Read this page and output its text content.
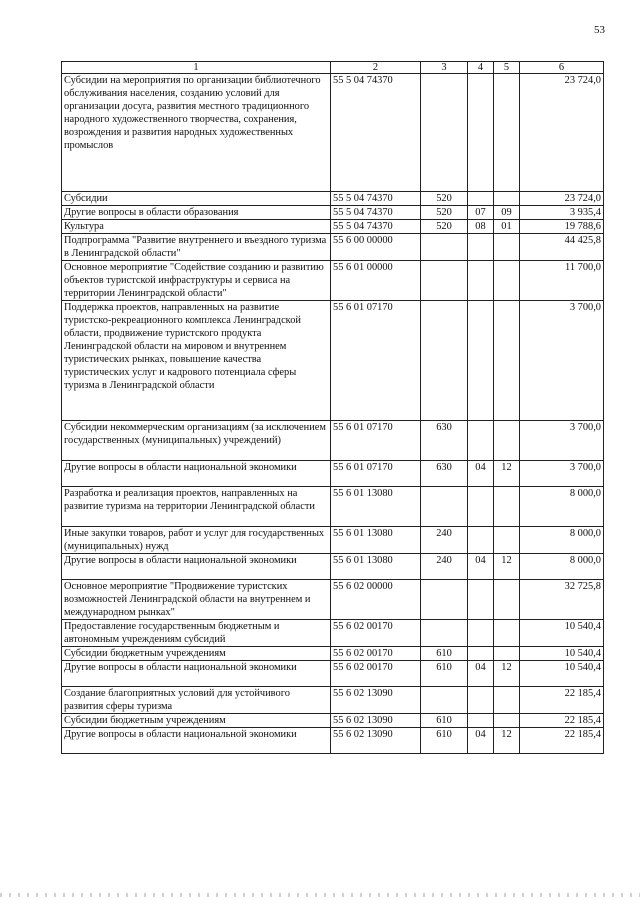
53
1	2	3	4	5	6
Субсидии на мероприятия по организации библиотечного обслуживания населения, созданию условий для организации досуга, развития местного традиционного народного художественного творчества, сохранения, возрождения и развития народных художественных промыслов	55 5 04 74370				23 724,0
Субсидии	55 5 04 74370	520			23 724,0
Другие вопросы в области образования	55 5 04 74370	520	07	09	3 935,4
Культура	55 5 04 74370	520	08	01	19 788,6
Подпрограмма "Развитие внутреннего и въездного туризма в Ленинградской области"	55 6 00 00000				44 425,8
Основное мероприятие "Содействие созданию и развитию объектов туристской инфраструктуры и сервиса на территории Ленинградской области"	55 6 01 00000				11 700,0
Поддержка проектов, направленных на развитие туристско-рекреационного комплекса Ленинградской области, продвижение туристского продукта Ленинградской области на мировом и внутреннем туристических рынках, повышение качества туристических услуг и кадрового потенциала сферы туризма в Ленинградской области	55 6 01 07170				3 700,0
Субсидии некоммерческим организациям (за исключением государственных (муниципальных) учреждений)	55 6 01 07170	630			3 700,0
Другие вопросы в области национальной экономики	55 6 01 07170	630	04	12	3 700,0
Разработка и реализация проектов, направленных на развитие туризма на территории Ленинградской области	55 6 01 13080				8 000,0
Иные закупки товаров, работ и услуг для государственных (муниципальных) нужд	55 6 01 13080	240			8 000,0
Другие вопросы в области национальной экономики	55 6 01 13080	240	04	12	8 000,0
Основное мероприятие "Продвижение туристских возможностей Ленинградской области на внутреннем и международном рынках"	55 6 02 00000				32 725,8
Предоставление государственным бюджетным и автономным учреждениям субсидий	55 6 02 00170				10 540,4
Субсидии бюджетным учреждениям	55 6 02 00170	610			10 540,4
Другие вопросы в области национальной экономики	55 6 02 00170	610	04	12	10 540,4
Создание благоприятных условий для устойчивого развития сферы туризма	55 6 02 13090				22 185,4
Субсидии бюджетным учреждениям	55 6 02 13090	610			22 185,4
Другие вопросы в области национальной экономики	55 6 02 13090	610	04	12	22 185,4
